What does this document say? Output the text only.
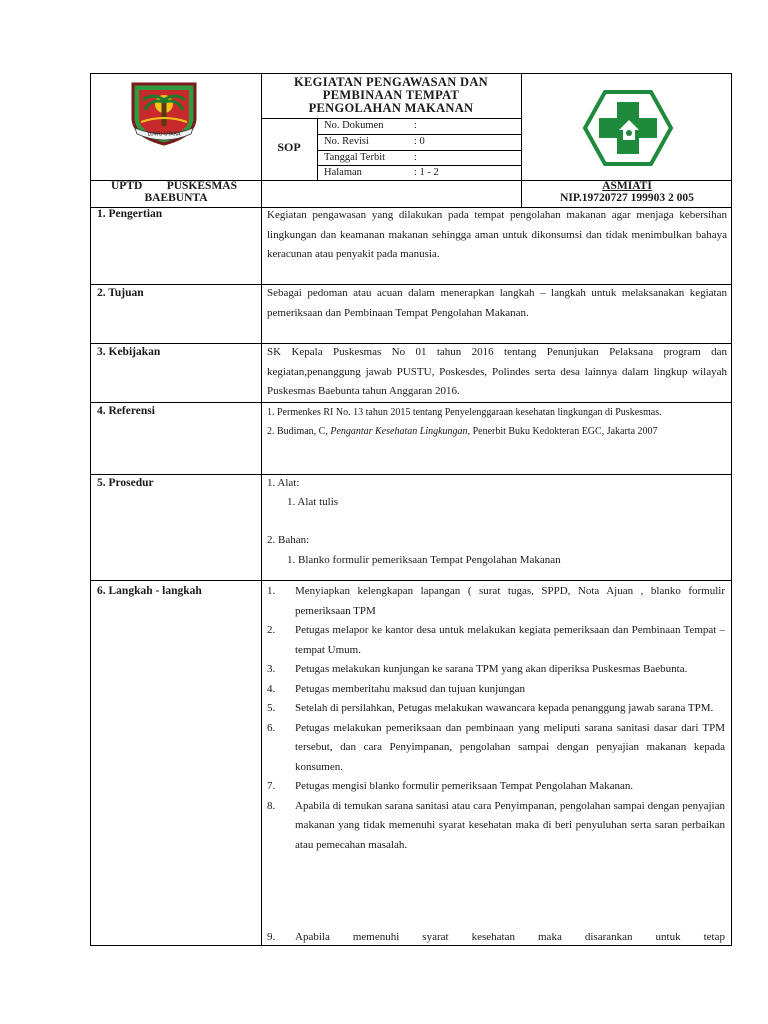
LUWU UTARA
KEGIATAN PENGAWASAN DAN
PEMBINAAN TEMPAT
PENGOLAHAN MAKANAN
SOP
No. Dokumen	:
No. Revisi	: 0
Tanggal Terbit	:
Halaman	: 1 - 2
UPTD PUSKESMAS
BAEBUNTA
ASMIATI
NIP.19720727 199903 2 005
1. Pengertian	Kegiatan pengawasan yang dilakukan pada tempat pengolahan makanan agar menjaga kebersihan lingkungan dan keamanan makanan sehingga aman untuk dikonsumsi dan tidak menimbulkan bahaya keracunan atau penyakit pada manusia.
2. Tujuan	Sebagai pedoman atau acuan dalam menerapkan langkah – langkah untuk melaksanakan kegiatan pemeriksaan dan Pembinaan Tempat Pengolahan Makanan.
3. Kebijakan	SK Kepala Puskesmas No 01 tahun 2016 tentang Penunjukan Pelaksana program dan kegiatan,penanggung jawab PUSTU, Poskesdes, Polindes serta desa lainnya dalam lingkup wilayah Puskesmas Baebunta tahun Anggaran 2016.
4. Referensi	1. Permenkes RI No. 13 tahun 2015 tentang Penyelenggaraan kesehatan lingkungan di Puskesmas.
2. Budiman, C, Pengantar Kesehatan Lingkungan, Penerbit Buku Kedokteran EGC, Jakarta 2007
5. Prosedur	1. Alat:
1. Alat tulis
2. Bahan:
1. Blanko formulir pemeriksaan Tempat Pengolahan Makanan
6. Langkah - langkah	1.	Menyiapkan kelengkapan lapangan ( surat tugas, SPPD, Nota Ajuan , blanko formulir pemeriksaan TPM
2.	Petugas melapor ke kantor desa untuk melakukan kegiata pemeriksaan dan Pembinaan Tempat – tempat Umum.
3.	Petugas melakukan kunjungan ke sarana TPM yang akan diperiksa Puskesmas Baebunta.
4.	Petugas memberitahu maksud dan tujuan kunjungan
5.	Setelah di persilahkan, Petugas melakukan wawancara kepada penanggung jawab sarana TPM.
6.	Petugas melakukan pemeriksaan dan pembinaan yang meliputi sarana sanitasi dasar dari TPM tersebut, dan cara Penyimpanan, pengolahan sampai dengan penyajian makanan kepada konsumen.
7.	Petugas mengisi blanko formulir pemeriksaan Tempat Pengolahan Makanan.
8.	Apabila di temukan sarana sanitasi atau cara Penyimpanan, pengolahan sampai dengan penyajian makanan yang tidak memenuhi syarat kesehatan maka di beri penyuluhan serta saran perbaikan atau pemecahan masalah.
9.	Apabila memenuhi syarat kesehatan maka disarankan untuk tetap
